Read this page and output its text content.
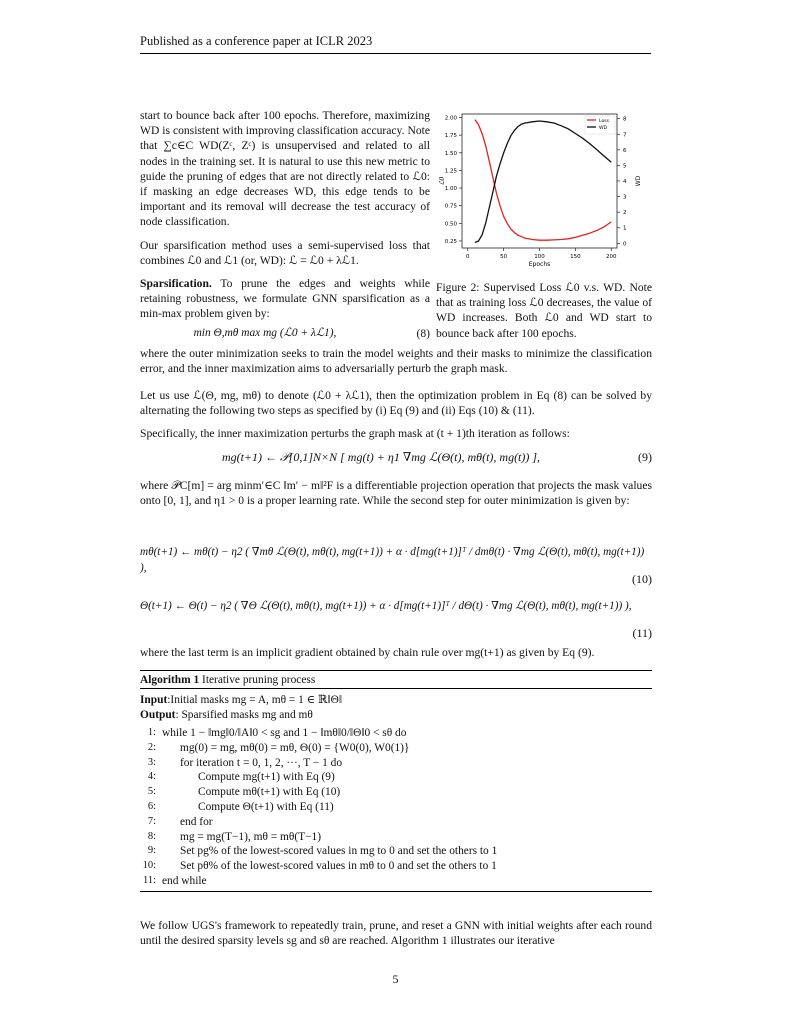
Published as a conference paper at ICLR 2023

start to bounce back after 100 epochs. Therefore, maximizing WD is consistent with improving classification accuracy. Note that ∑c∈C WD(Zᶜ, Zᶜ) is unsupervised and related to all nodes in the training set. It is natural to use this new metric to guide the pruning of edges that are not directly related to ℒ0: if masking an edge decreases WD, this edge tends to be important and its removal will decrease the test accuracy of node classification.

Our sparsification method uses a semi-supervised loss that combines ℒ0 and ℒ1 (or, WD): ℒ = ℒ0 + λℒ1.

Sparsification. To prune the edges and weights while retaining robustness, we formulate GNN sparsification as a min-max problem given by:

min Θ,mθ max mg (ℒ0 + λℒ1),	(8)
0	50	100	150	200
0.25
0.50
0.75
1.00
1.25
1.50
1.75
2.00
0
1
2
3
4
5
6
7
8
Epochs
ℒ0	WD
Loss
WD
Figure 2: Supervised Loss ℒ0 v.s. WD. Note that as training loss ℒ0 decreases, the value of WD increases. Both ℒ0 and WD start to bounce back after 100 epochs.
where the outer minimization seeks to train the model weights and their masks to minimize the classification error, and the inner maximization aims to adversarially perturb the graph mask.
Let us use ℒ(Θ, mg, mθ) to denote (ℒ0 + λℒ1), then the optimization problem in Eq (8) can be solved by alternating the following two steps as specified by (i) Eq (9) and (ii) Eqs (10) & (11).
Specifically, the inner maximization perturbs the graph mask at (t + 1)th iteration as follows:
mg(t+1) ← 𝒫[0,1]N×N [ mg(t) + η1 ∇mg ℒ(Θ(t), mθ(t), mg(t)) ],	(9)
where 𝒫C[m] = arg minm′∈C ‖m′ − m‖²F is a differentiable projection operation that projects the mask values onto [0, 1], and η1 > 0 is a proper learning rate. While the second step for outer minimization is given by:
mθ(t+1) ← mθ(t) − η2 ( ∇mθ ℒ(Θ(t), mθ(t), mg(t+1)) + α · d[mg(t+1)]ᵀ / dmθ(t) · ∇mg ℒ(Θ(t), mθ(t), mg(t+1)) ),
(10)
Θ(t+1) ← Θ(t) − η2 ( ∇Θ ℒ(Θ(t), mθ(t), mg(t+1)) + α · d[mg(t+1)]ᵀ / dΘ(t) · ∇mg ℒ(Θ(t), mθ(t), mg(t+1)) ),
(11)
where the last term is an implicit gradient obtained by chain rule over mg(t+1) as given by Eq (9).
Algorithm 1 Iterative pruning process
Input:Initial masks mg = A, mθ = 1 ∈ ℝ‖Θ‖
Output: Sparsified masks mg and mθ
1: while 1 − ‖mg‖0/‖A‖0 < sg and 1 − ‖mθ‖0/‖Θ‖0 < sθ do
2: mg(0) = mg, mθ(0) = mθ, Θ(0) = {W0(0), W0(1)}
3: for iteration t = 0, 1, 2, ···, T − 1 do
4:	Compute mg(t+1) with Eq (9)
5:	Compute mθ(t+1) with Eq (10)
6:	Compute Θ(t+1) with Eq (11)
7: end for
8: mg = mg(T−1), mθ = mθ(T−1)
9: Set pg% of the lowest-scored values in mg to 0 and set the others to 1
10: Set pθ% of the lowest-scored values in mθ to 0 and set the others to 1
11: end while
We follow UGS's framework to repeatedly train, prune, and reset a GNN with initial weights after each round until the desired sparsity levels sg and sθ are reached. Algorithm 1 illustrates our iterative
5
